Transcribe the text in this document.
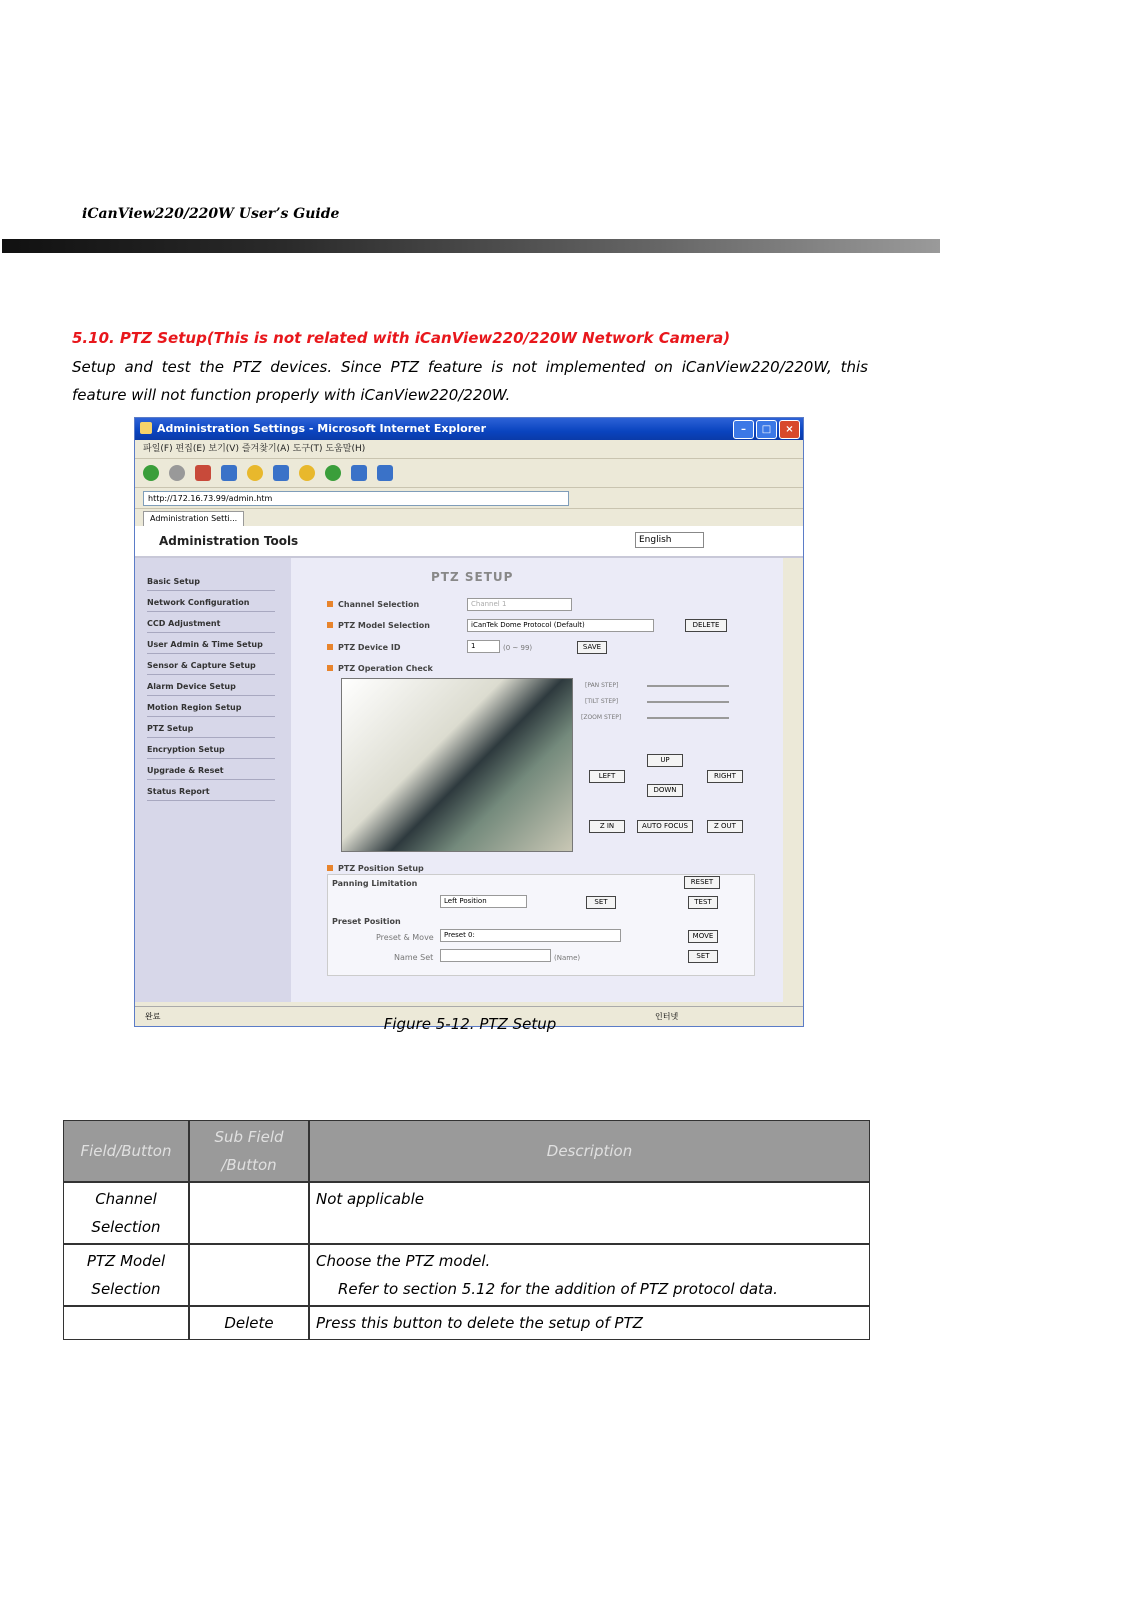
iCanView220/220W User’s Guide
5.10. PTZ Setup(This is not related with iCanView220/220W Network Camera)
Setup and test the PTZ devices. Since PTZ feature is not implemented on iCanView220/220W, this feature will not function properly with iCanView220/220W.
Administration Settings - Microsoft Internet Explorer	–	□	×
파일(F) 편집(E) 보기(V) 즐겨찾기(A) 도구(T) 도움말(H)
http://172.16.73.99/admin.htm
Administration Setti...
Administration Tools	English
Basic Setup
Network Configuration
CCD Adjustment
User Admin & Time Setup
Sensor & Capture Setup
Alarm Device Setup
Motion Region Setup
PTZ Setup
Encryption Setup
Upgrade & Reset
Status Report
PTZ SETUP
Channel Selection	Channel 1
PTZ Model Selection	iCanTek Dome Protocol (Default)	DELETE
PTZ Device ID	1	(0 ~ 99)	SAVE
PTZ Operation Check
[PAN STEP]
[TILT STEP]
[ZOOM STEP]
UP
LEFT	RIGHT
DOWN
Z IN	AUTO FOCUS	Z OUT
PTZ Position Setup
Panning Limitation	RESET
Left Position	SET	TEST
Preset Position
Preset & Move	Preset 0:	MOVE
Name Set	(Name)	SET
완료	인터넷
Figure 5-12. PTZ Setup
Field/Button	Sub Field /Button	Description
Channel Selection		Not applicable
PTZ Model Selection		Choose the PTZ model.
Refer to section 5.12 for the addition of PTZ protocol data.

	Delete	Press this button to delete the setup of PTZ
